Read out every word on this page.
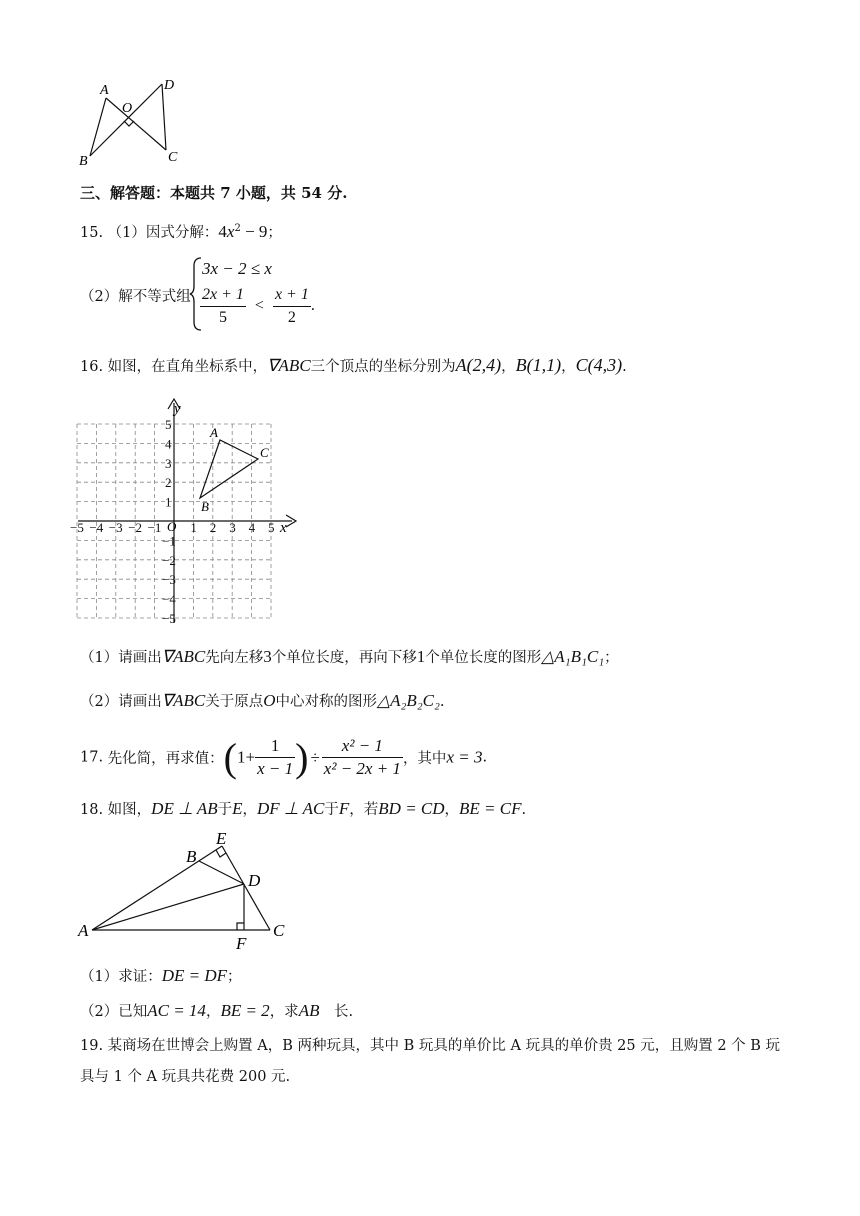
A	D
O
B	C
三、解答题：本题共 7 小题，共 54 分.
15. （1）因式分解：$4x^2 - 9$；
（2）解不等式组
3x − 2 ≤ x
$\frac{2x + 1}{5} < \frac{x + 1}{2}$ .
16. 如图，在直角坐标系中，∇ABC三个顶点的坐标分别为A(2,4)，B(1,1)，C(4,3).
−5 −4 −3 −2 −1 1 2 3 4 5
5
4
3
2
1
−1
−2
−3
−4
−5
y
x
O
A
B
C
（1）请画出∇ABC先向左移3个单位长度，再向下移1个单位长度的图形△A₁B₁C₁；
（2）请画出∇ABC关于原点O中心对称的图形△A₂B₂C₂.
17. 先化简，再求值：($1+ \frac{1}{x - 1}$ ) ÷ $\frac{\text{x² − 1}}{\text{x² − 2x + 1}}$ ，其中x = 3.
18. 如图，DE ⊥ AB于E，DF ⊥ AC于F，若BD = CD，BE = CF.
E
B
D
A	C
F
（1）求证：DE = DF；
（2）已知AC = 14，BE = 2，求AB　长.
19. 某商场在世博会上购置 A，B 两种玩具，其中 B 玩具的单价比 A 玩具的单价贵 25 元，且购置 2 个 B 玩
具与 1 个 A 玩具共花费 200 元.
